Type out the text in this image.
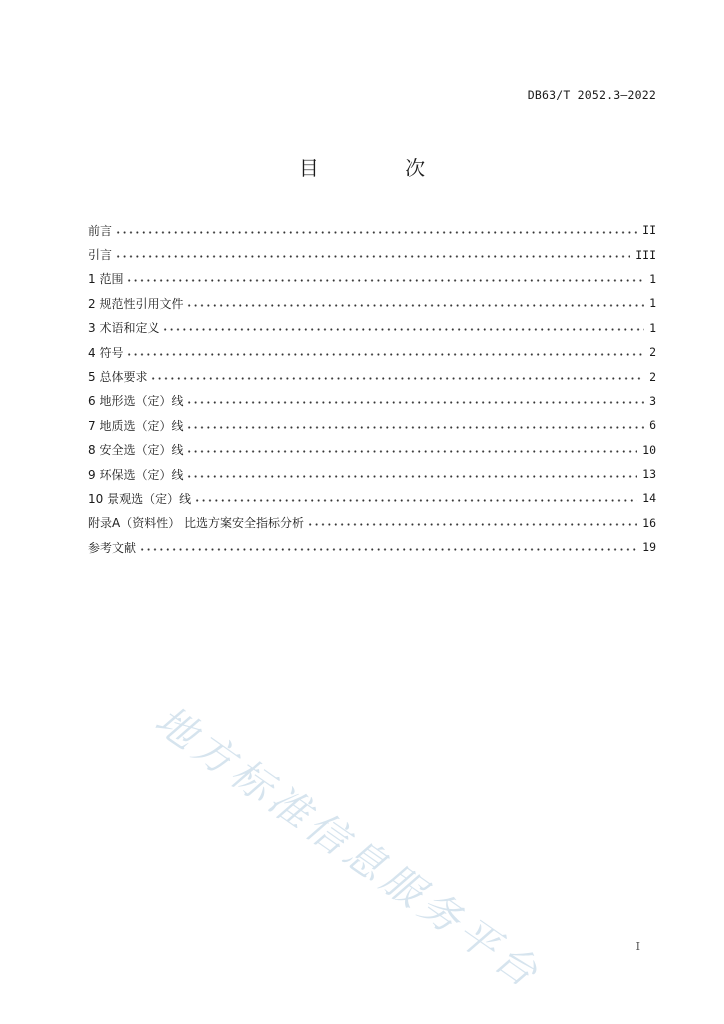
DB63/T 2052.3—2022
目 次
前言	II
引言	III
1 范围	1
2 规范性引用文件	1
3 术语和定义	1
4 符号	2
5 总体要求	2
6 地形选（定）线	3
7 地质选（定）线	6
8 安全选（定）线	10
9 环保选（定）线	13
10 景观选（定）线	14
附录A（资料性） 比选方案安全指标分析	16
参考文献	19
地方标准信息服务平台	I
